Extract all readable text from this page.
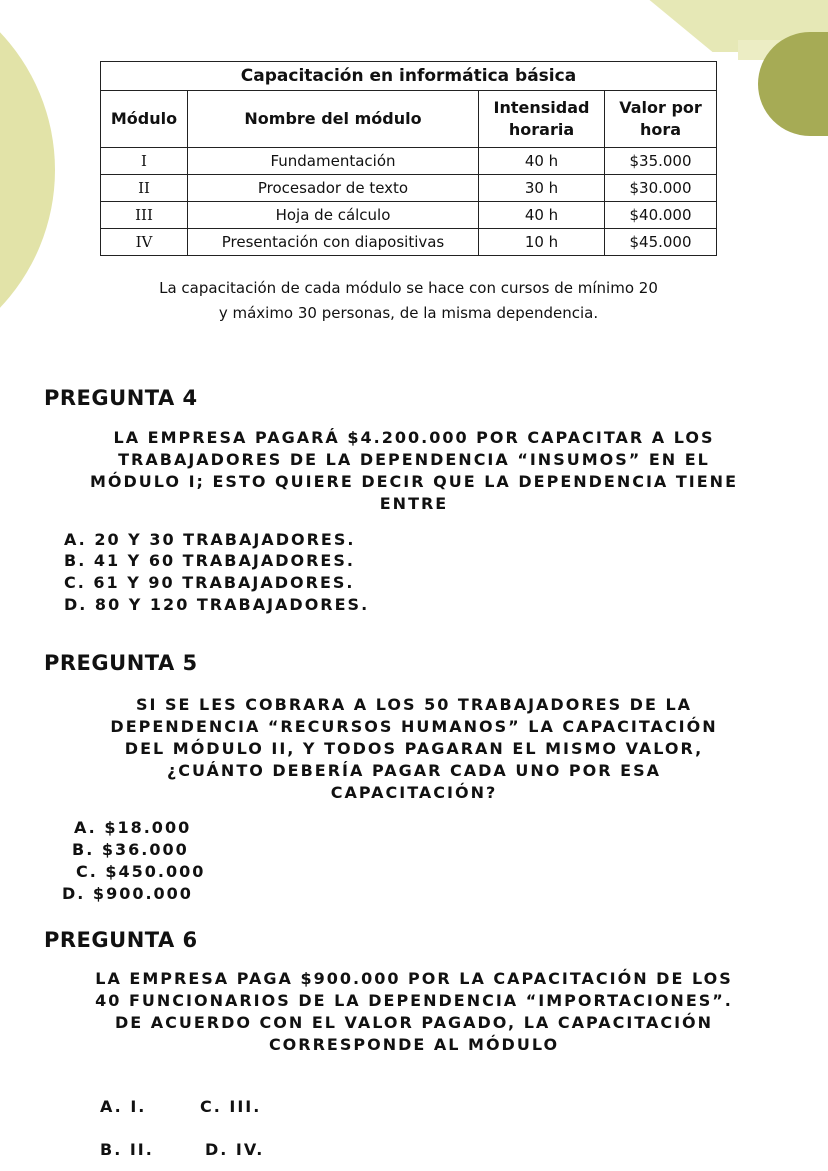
Capacitación en informática básica			
Módulo	Nombre del módulo	Intensidad horaria	Valor por hora
I	Fundamentación	40 h	$35.000
II	Procesador de texto	30 h	$30.000
III	Hoja de cálculo	40 h	$40.000
IV	Presentación con diapositivas	10 h	$45.000
La capacitación de cada módulo se hace con cursos de mínimo 20
y máximo 30 personas, de la misma dependencia.
PREGUNTA 4
LA EMPRESA PAGARÁ $4.200.000 POR CAPACITAR A LOS
TRABAJADORES DE LA DEPENDENCIA “INSUMOS” EN EL
MÓDULO I; ESTO QUIERE DECIR QUE LA DEPENDENCIA TIENE
ENTRE
A. 20 Y 30 TRABAJADORES.
B. 41 Y 60 TRABAJADORES.
C. 61 Y 90 TRABAJADORES.
D. 80 Y 120 TRABAJADORES.
PREGUNTA 5
SI SE LES COBRARA A LOS 50 TRABAJADORES DE LA
DEPENDENCIA “RECURSOS HUMANOS” LA CAPACITACIÓN
DEL MÓDULO II, Y TODOS PAGARAN EL MISMO VALOR,
¿CUÁNTO DEBERÍA PAGAR CADA UNO POR ESA
CAPACITACIÓN?
A. $18.000
B. $36.000
C. $450.000
D. $900.000
PREGUNTA 6
LA EMPRESA PAGA $900.000 POR LA CAPACITACIÓN DE LOS
40 FUNCIONARIOS DE LA DEPENDENCIA “IMPORTACIONES”.
DE ACUERDO CON EL VALOR PAGADO, LA CAPACITACIÓN
CORRESPONDE AL MÓDULO
A. I.	C. III.
B. II.	D. IV.
